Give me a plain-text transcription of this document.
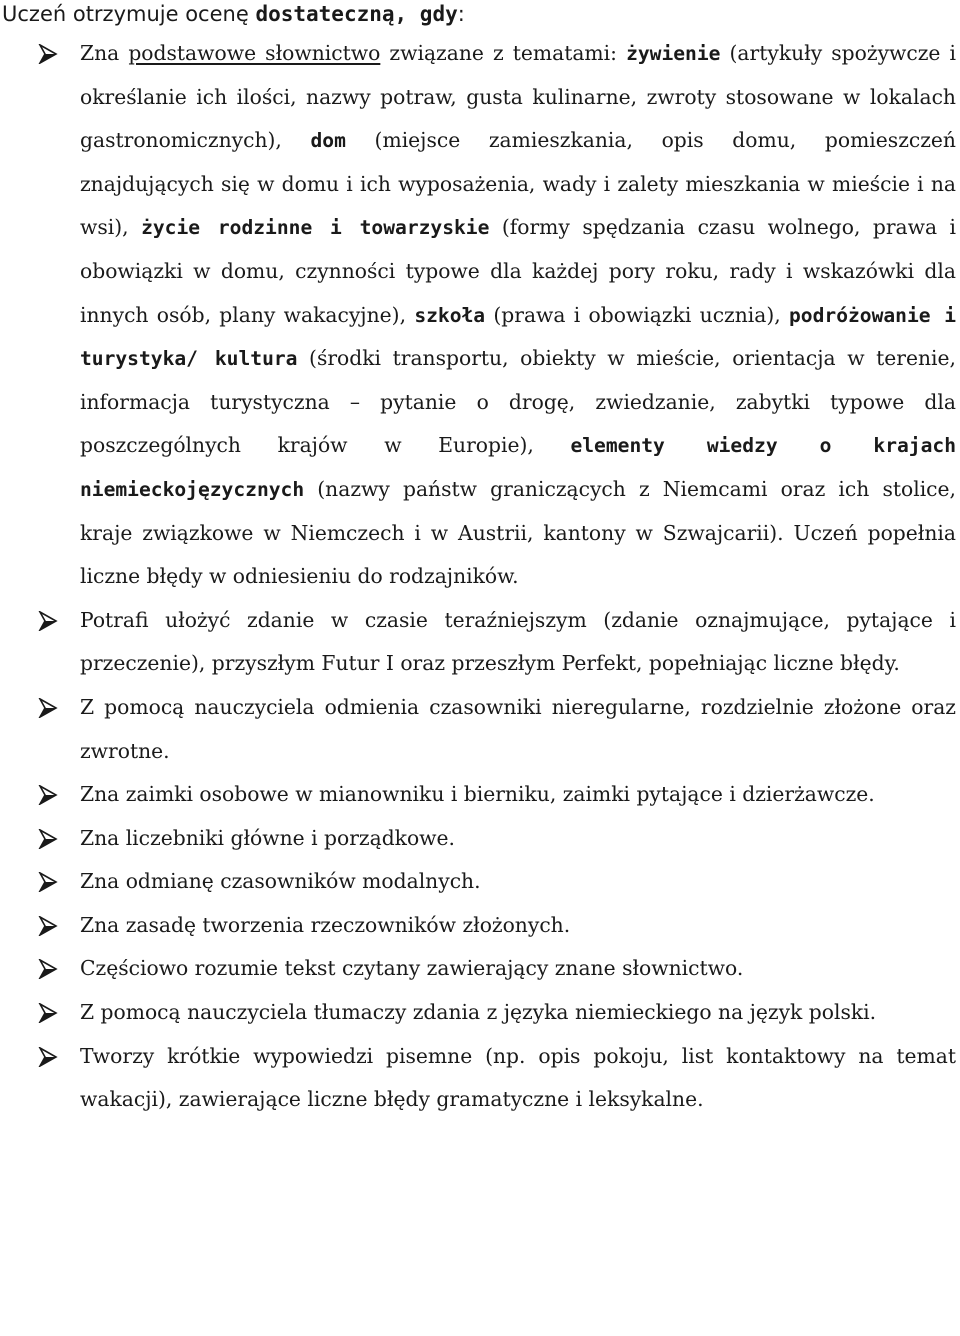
Uczeń otrzymuje ocenę dostateczną, gdy:
Zna podstawowe słownictwo związane z tematami: żywienie (artykuły spożywcze i określanie ich ilości, nazwy potraw, gusta kulinarne, zwroty stosowane w lokalach gastronomicznych), dom (miejsce zamieszkania, opis domu, pomieszczeń znajdujących się w domu i ich wyposażenia, wady i zalety mieszkania w mieście i na wsi), życie rodzinne i towarzyskie (formy spędzania czasu wolnego, prawa i obowiązki w domu, czynności typowe dla każdej pory roku, rady i wskazówki dla innych osób, plany wakacyjne), szkoła (prawa i obowiązki ucznia), podróżowanie i turystyka/ kultura (środki transportu, obiekty w mieście, orientacja w terenie, informacja turystyczna – pytanie o drogę, zwiedzanie, zabytki typowe dla poszczególnych krajów w Europie), elementy wiedzy o krajach niemieckojęzycznych (nazwy państw graniczących z Niemcami oraz ich stolice, kraje związkowe w Niemczech i w Austrii, kantony w Szwajcarii). Uczeń popełnia liczne błędy w odniesieniu do rodzajników.
Potrafi ułożyć zdanie w czasie teraźniejszym (zdanie oznajmujące, pytające i przeczenie), przyszłym Futur I oraz przeszłym Perfekt, popełniając liczne błędy.
Z pomocą nauczyciela odmienia czasowniki nieregularne, rozdzielnie złożone oraz zwrotne.
Zna zaimki osobowe w mianowniku i bierniku, zaimki pytające i dzierżawcze.
Zna liczebniki główne i porządkowe.
Zna odmianę czasowników modalnych.
Zna zasadę tworzenia rzeczowników złożonych.
Częściowo rozumie tekst czytany zawierający znane słownictwo.
Z pomocą nauczyciela tłumaczy zdania z języka niemieckiego na język polski.
Tworzy krótkie wypowiedzi pisemne (np. opis pokoju, list kontaktowy na temat wakacji), zawierające liczne błędy gramatyczne i leksykalne.
